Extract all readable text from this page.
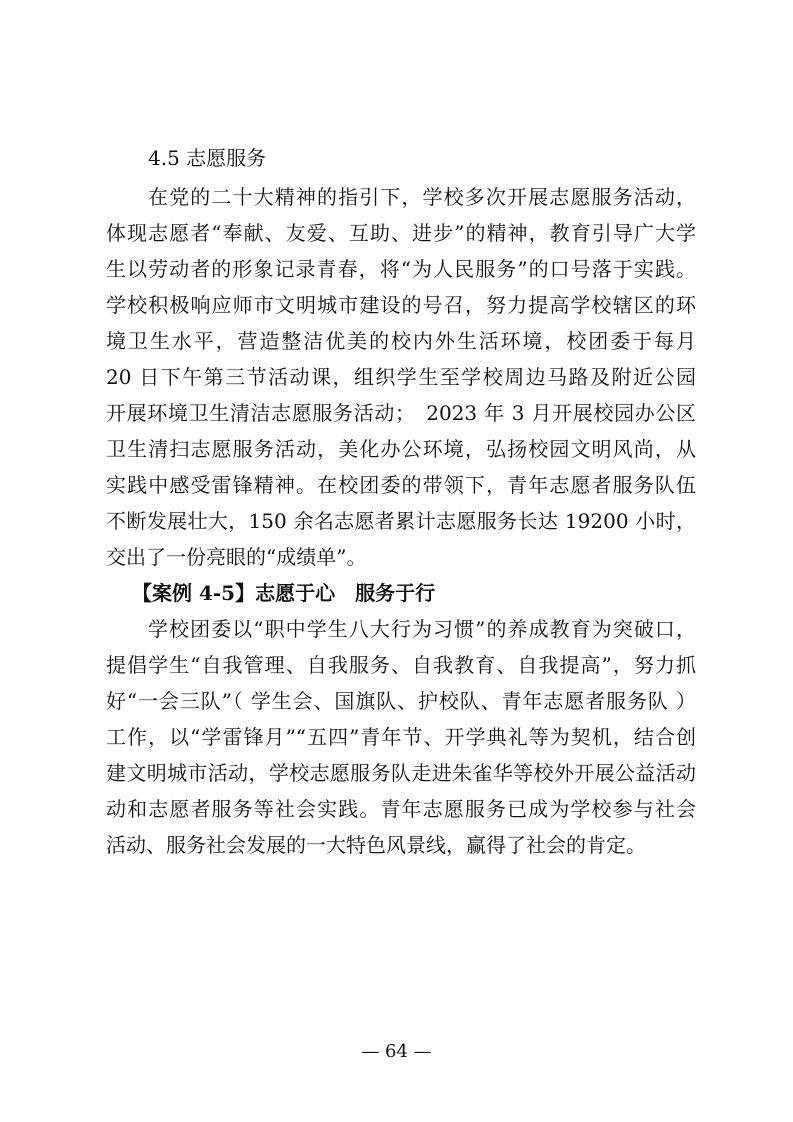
4.5 志愿服务

在党的二十大精神的指引下，学校多次开展志愿服务活动，

体现志愿者“奉献、友爱、互助、进步”的精神，教育引导广大学

生以劳动者的形象记录青春，将“为人民服务”的口号落于实践。

学校积极响应师市文明城市建设的号召，努力提高学校辖区的环

境卫生水平，营造整洁优美的校内外生活环境，校团委于每月

20 日下午第三节活动课，组织学生至学校周边马路及附近公园

开展环境卫生清洁志愿服务活动；　2023 年 3 月开展校园办公区

卫生清扫志愿服务活动，美化办公环境，弘扬校园文明风尚，从

实践中感受雷锋精神。在校团委的带领下，青年志愿者服务队伍

不断发展壮大，150 余名志愿者累计志愿服务长达 19200 小时，

交出了一份亮眼的“成绩单”。

【案例 4-5】志愿于心　服务于行

学校团委以“职中学生八大行为习惯”的养成教育为突破口，

提倡学生“自我管理、自我服务、自我教育、自我提高”，努力抓

好“一会三队”（ 学生会、国旗队、护校队、青年志愿者服务队 ）

工作，以“学雷锋月”“五四”青年节、开学典礼等为契机，结合创

建文明城市活动，学校志愿服务队走进朱雀华等校外开展公益活动

动和志愿者服务等社会实践。青年志愿服务已成为学校参与社会

活动、服务社会发展的一大特色风景线，赢得了社会的肯定。

— 64 —
